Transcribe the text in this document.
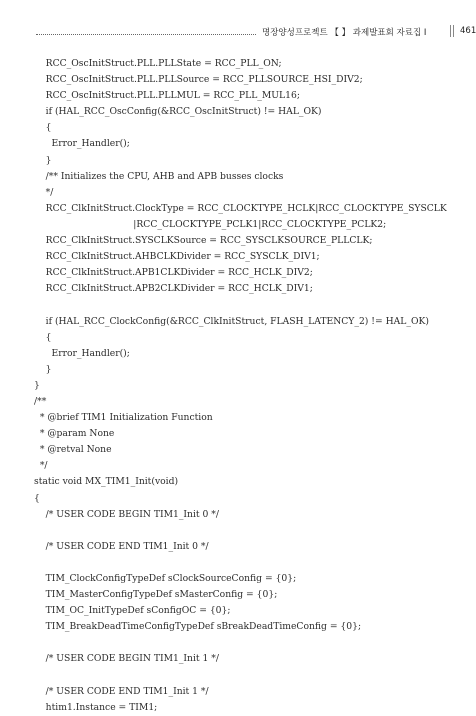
명장양성프로젝트 【 】 과제발표회 자료집 I	461
RCC_OscInitStruct.PLL.PLLState = RCC_PLL_ON;
RCC_OscInitStruct.PLL.PLLSource = RCC_PLLSOURCE_HSI_DIV2;
RCC_OscInitStruct.PLL.PLLMUL = RCC_PLL_MUL16;
if (HAL_RCC_OscConfig(&RCC_OscInitStruct) != HAL_OK)
{
Error_Handler();
}
/** Initializes the CPU, AHB and APB busses clocks
*/
RCC_ClkInitStruct.ClockType = RCC_CLOCKTYPE_HCLK|RCC_CLOCKTYPE_SYSCLK
|RCC_CLOCKTYPE_PCLK1|RCC_CLOCKTYPE_PCLK2;
RCC_ClkInitStruct.SYSCLKSource = RCC_SYSCLKSOURCE_PLLCLK;
RCC_ClkInitStruct.AHBCLKDivider = RCC_SYSCLK_DIV1;
RCC_ClkInitStruct.APB1CLKDivider = RCC_HCLK_DIV2;
RCC_ClkInitStruct.APB2CLKDivider = RCC_HCLK_DIV1;
if (HAL_RCC_ClockConfig(&RCC_ClkInitStruct, FLASH_LATENCY_2) != HAL_OK)
{
Error_Handler();
}
}
/**
* @brief TIM1 Initialization Function
* @param None
* @retval None
*/
static void MX_TIM1_Init(void)
{
/* USER CODE BEGIN TIM1_Init 0 */
/* USER CODE END TIM1_Init 0 */
TIM_ClockConfigTypeDef sClockSourceConfig = {0};
TIM_MasterConfigTypeDef sMasterConfig = {0};
TIM_OC_InitTypeDef sConfigOC = {0};
TIM_BreakDeadTimeConfigTypeDef sBreakDeadTimeConfig = {0};
/* USER CODE BEGIN TIM1_Init 1 */
/* USER CODE END TIM1_Init 1 */
htim1.Instance = TIM1;
